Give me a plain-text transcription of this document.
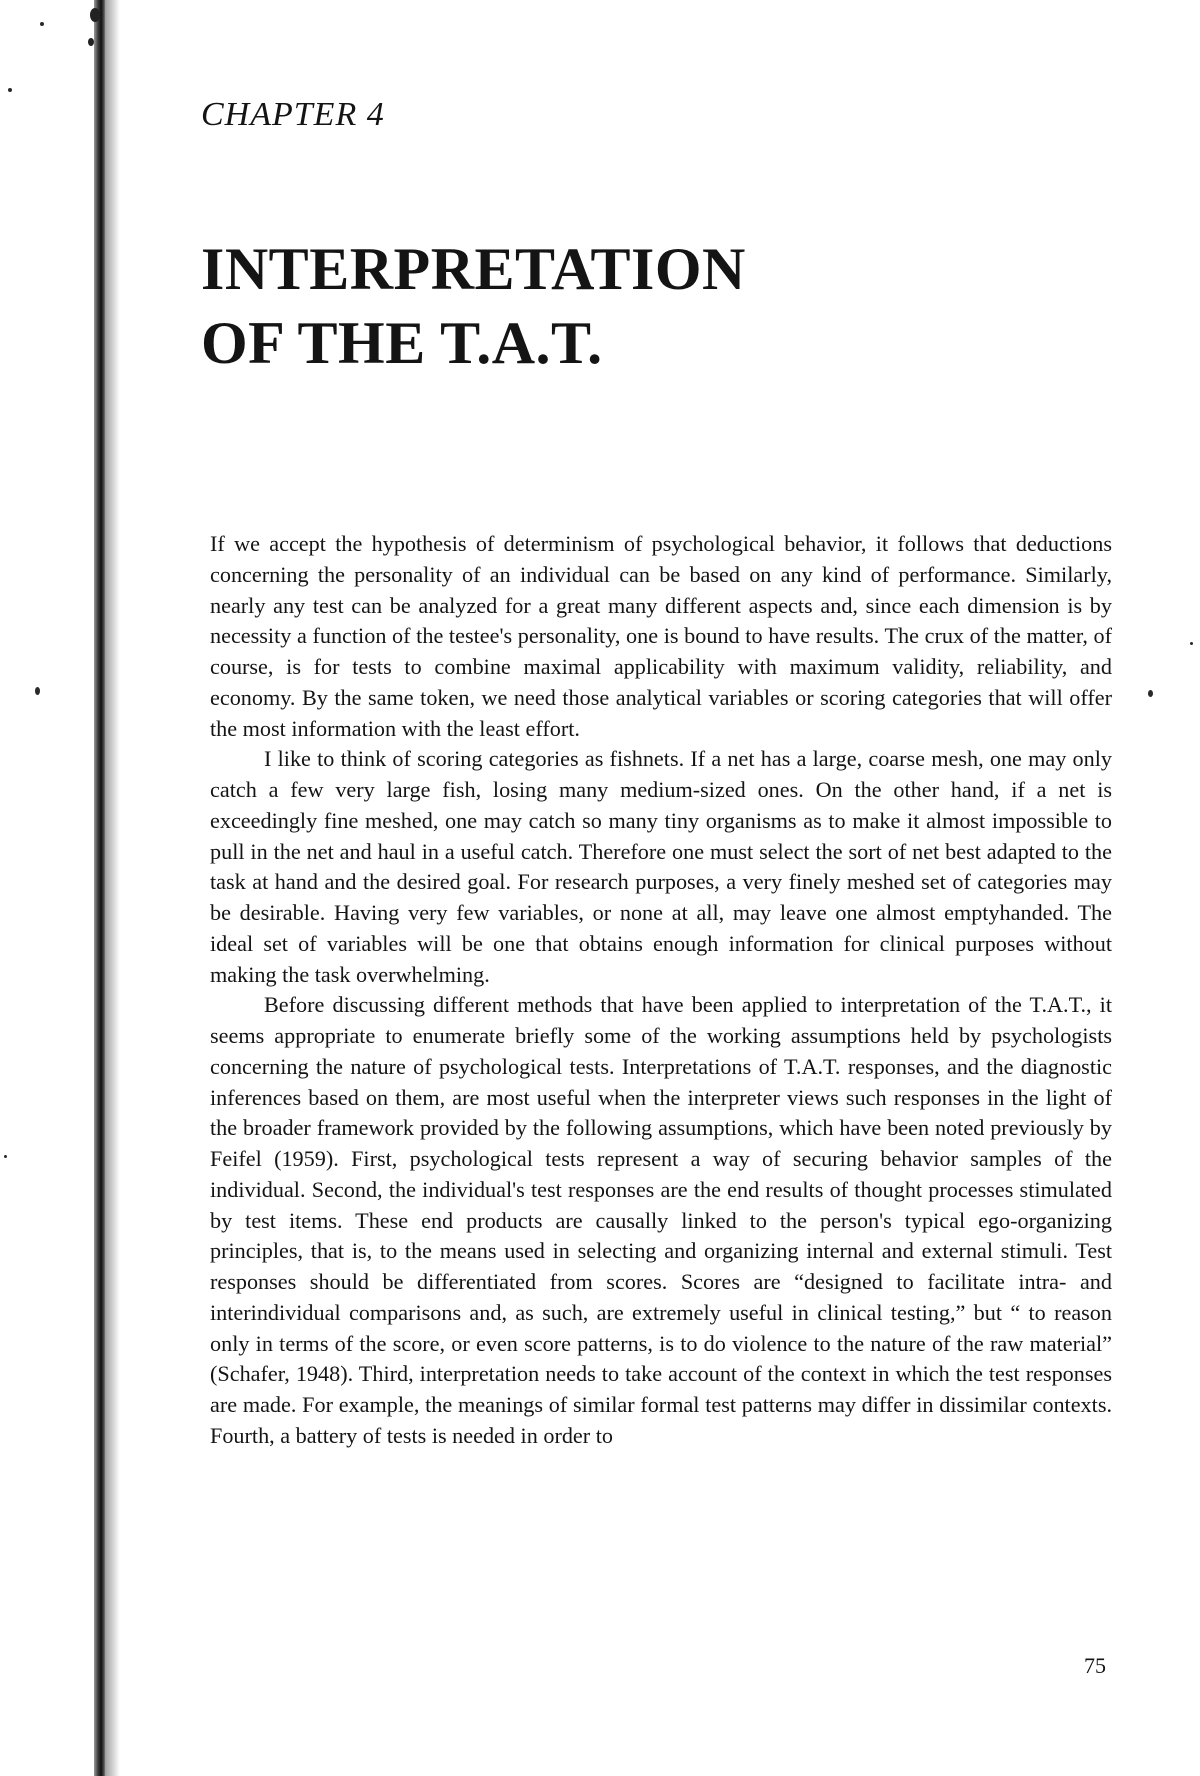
CHAPTER 4
INTERPRETATION
OF THE T.A.T.

If we accept the hypothesis of determinism of psychological behavior, it follows that deductions concerning the personality of an individual can be based on any kind of performance. Similarly, nearly any test can be analyzed for a great many different aspects and, since each dimension is by necessity a function of the testee's personality, one is bound to have results. The crux of the matter, of course, is for tests to combine maximal applicability with maximum validity, reliability, and economy. By the same token, we need those analytical variables or scoring categories that will offer the most information with the least effort.

I like to think of scoring categories as fishnets. If a net has a large, coarse mesh, one may only catch a few very large fish, losing many medium-sized ones. On the other hand, if a net is exceedingly fine meshed, one may catch so many tiny organisms as to make it almost impossible to pull in the net and haul in a useful catch. Therefore one must select the sort of net best adapted to the task at hand and the desired goal. For research purposes, a very finely meshed set of categories may be desirable. Having very few variables, or none at all, may leave one almost emptyhanded. The ideal set of variables will be one that obtains enough information for clinical purposes without making the task overwhelming.

Before discussing different methods that have been applied to interpretation of the T.A.T., it seems appropriate to enumerate briefly some of the working assumptions held by psychologists concerning the nature of psychological tests. Interpretations of T.A.T. responses, and the diagnostic inferences based on them, are most useful when the interpreter views such responses in the light of the broader framework provided by the following assumptions, which have been noted previously by Feifel (1959). First, psychological tests represent a way of securing behavior samples of the individual. Second, the individual's test responses are the end results of thought processes stimulated by test items. These end products are causally linked to the person's typical ego-organizing principles, that is, to the means used in selecting and organizing internal and external stimuli. Test responses should be differentiated from scores. Scores are “designed to facilitate intra- and interindividual comparisons and, as such, are extremely useful in clinical testing,” but “ to reason only in terms of the score, or even score patterns, is to do violence to the nature of the raw material” (Schafer, 1948). Third, interpretation needs to take account of the context in which the test responses are made. For example, the meanings of similar formal test patterns may differ in dissimilar contexts. Fourth, a battery of tests is needed in order to

75
